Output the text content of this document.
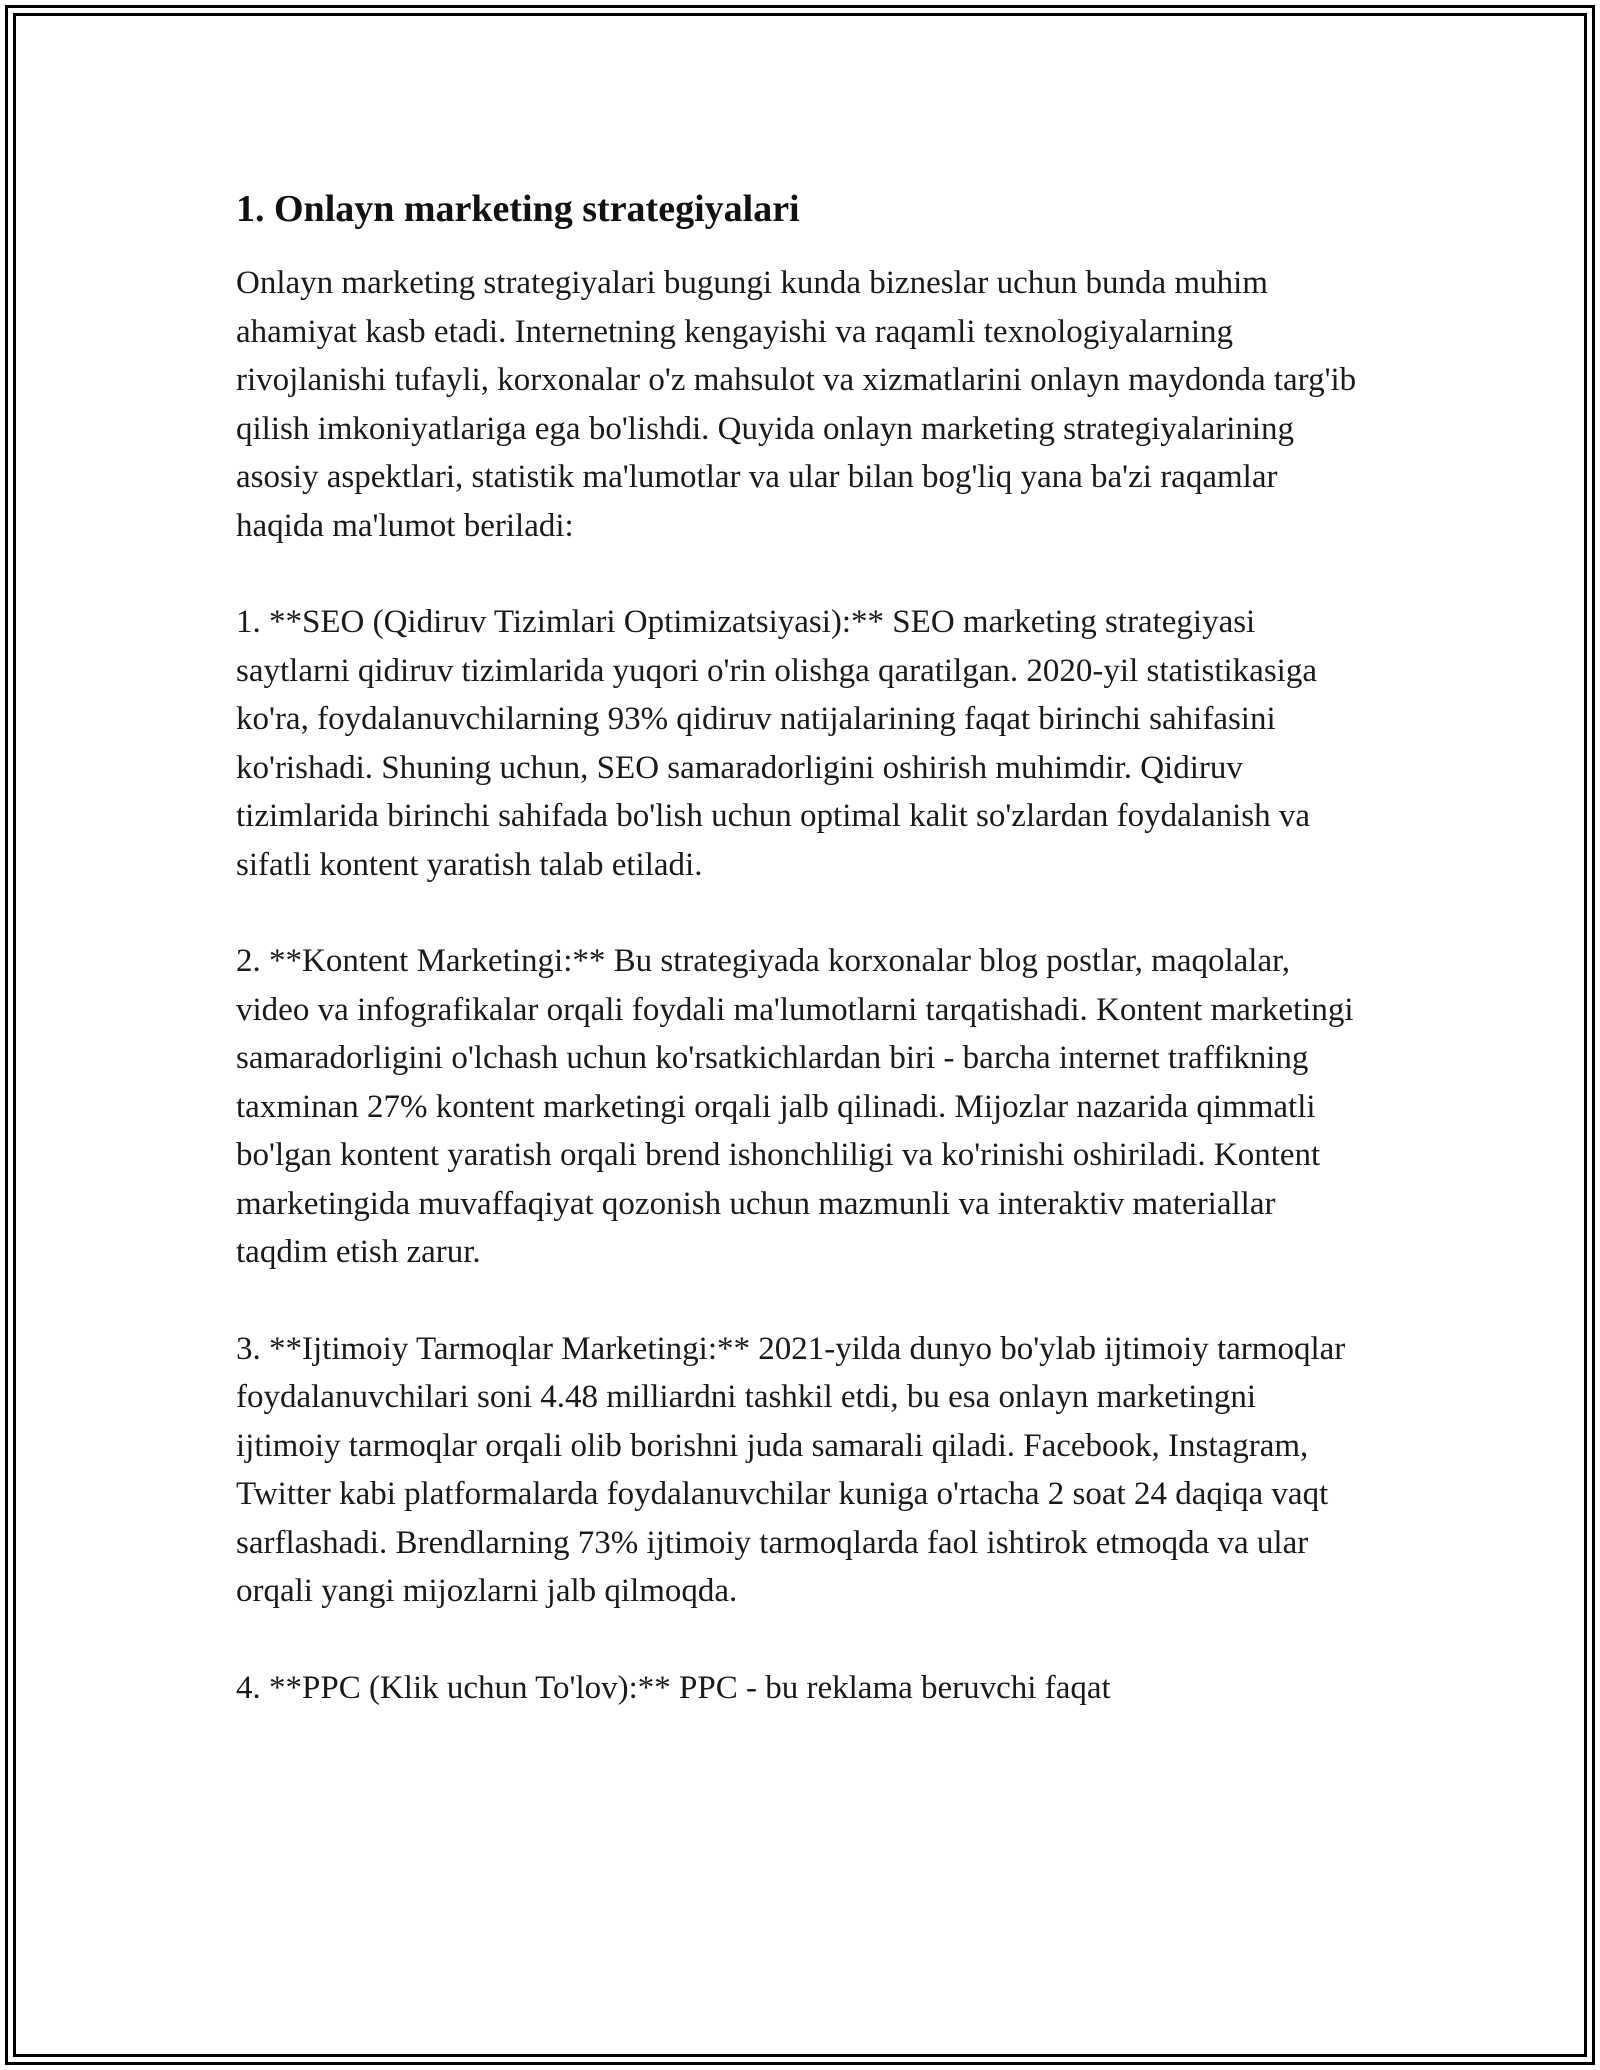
1. Onlayn marketing strategiyalari

Onlayn marketing strategiyalari bugungi kunda bizneslar uchun bunda muhim ahamiyat kasb etadi. Internetning kengayishi va raqamli texnologiyalarning rivojlanishi tufayli, korxonalar o'z mahsulot va xizmatlarini onlayn maydonda targ'ib qilish imkoniyatlariga ega bo'lishdi. Quyida onlayn marketing strategiyalarining asosiy aspektlari, statistik ma'lumotlar va ular bilan bog'liq yana ba'zi raqamlar haqida ma'lumot beriladi:

1. **SEO (Qidiruv Tizimlari Optimizatsiyasi):** SEO marketing strategiyasi saytlarni qidiruv tizimlarida yuqori o'rin olishga qaratilgan. 2020-yil statistikasiga ko'ra, foydalanuvchilarning 93% qidiruv natijalarining faqat birinchi sahifasini ko'rishadi. Shuning uchun, SEO samaradorligini oshirish muhimdir. Qidiruv tizimlarida birinchi sahifada bo'lish uchun optimal kalit so'zlardan foydalanish va sifatli kontent yaratish talab etiladi.

2. **Kontent Marketingi:** Bu strategiyada korxonalar blog postlar, maqolalar, video va infografikalar orqali foydali ma'lumotlarni tarqatishadi. Kontent marketingi samaradorligini o'lchash uchun ko'rsatkichlardan biri - barcha internet traffikning taxminan 27% kontent marketingi orqali jalb qilinadi. Mijozlar nazarida qimmatli bo'lgan kontent yaratish orqali brend ishonchliligi va ko'rinishi oshiriladi. Kontent marketingida muvaffaqiyat qozonish uchun mazmunli va interaktiv materiallar taqdim etish zarur.

3. **Ijtimoiy Tarmoqlar Marketingi:** 2021-yilda dunyo bo'ylab ijtimoiy tarmoqlar foydalanuvchilari soni 4.48 milliardni tashkil etdi, bu esa onlayn marketingni ijtimoiy tarmoqlar orqali olib borishni juda samarali qiladi. Facebook, Instagram, Twitter kabi platformalarda foydalanuvchilar kuniga o'rtacha 2 soat 24 daqiqa vaqt sarflashadi. Brendlarning 73% ijtimoiy tarmoqlarda faol ishtirok etmoqda va ular orqali yangi mijozlarni jalb qilmoqda.

4. **PPC (Klik uchun To'lov):** PPC - bu reklama beruvchi faqat
